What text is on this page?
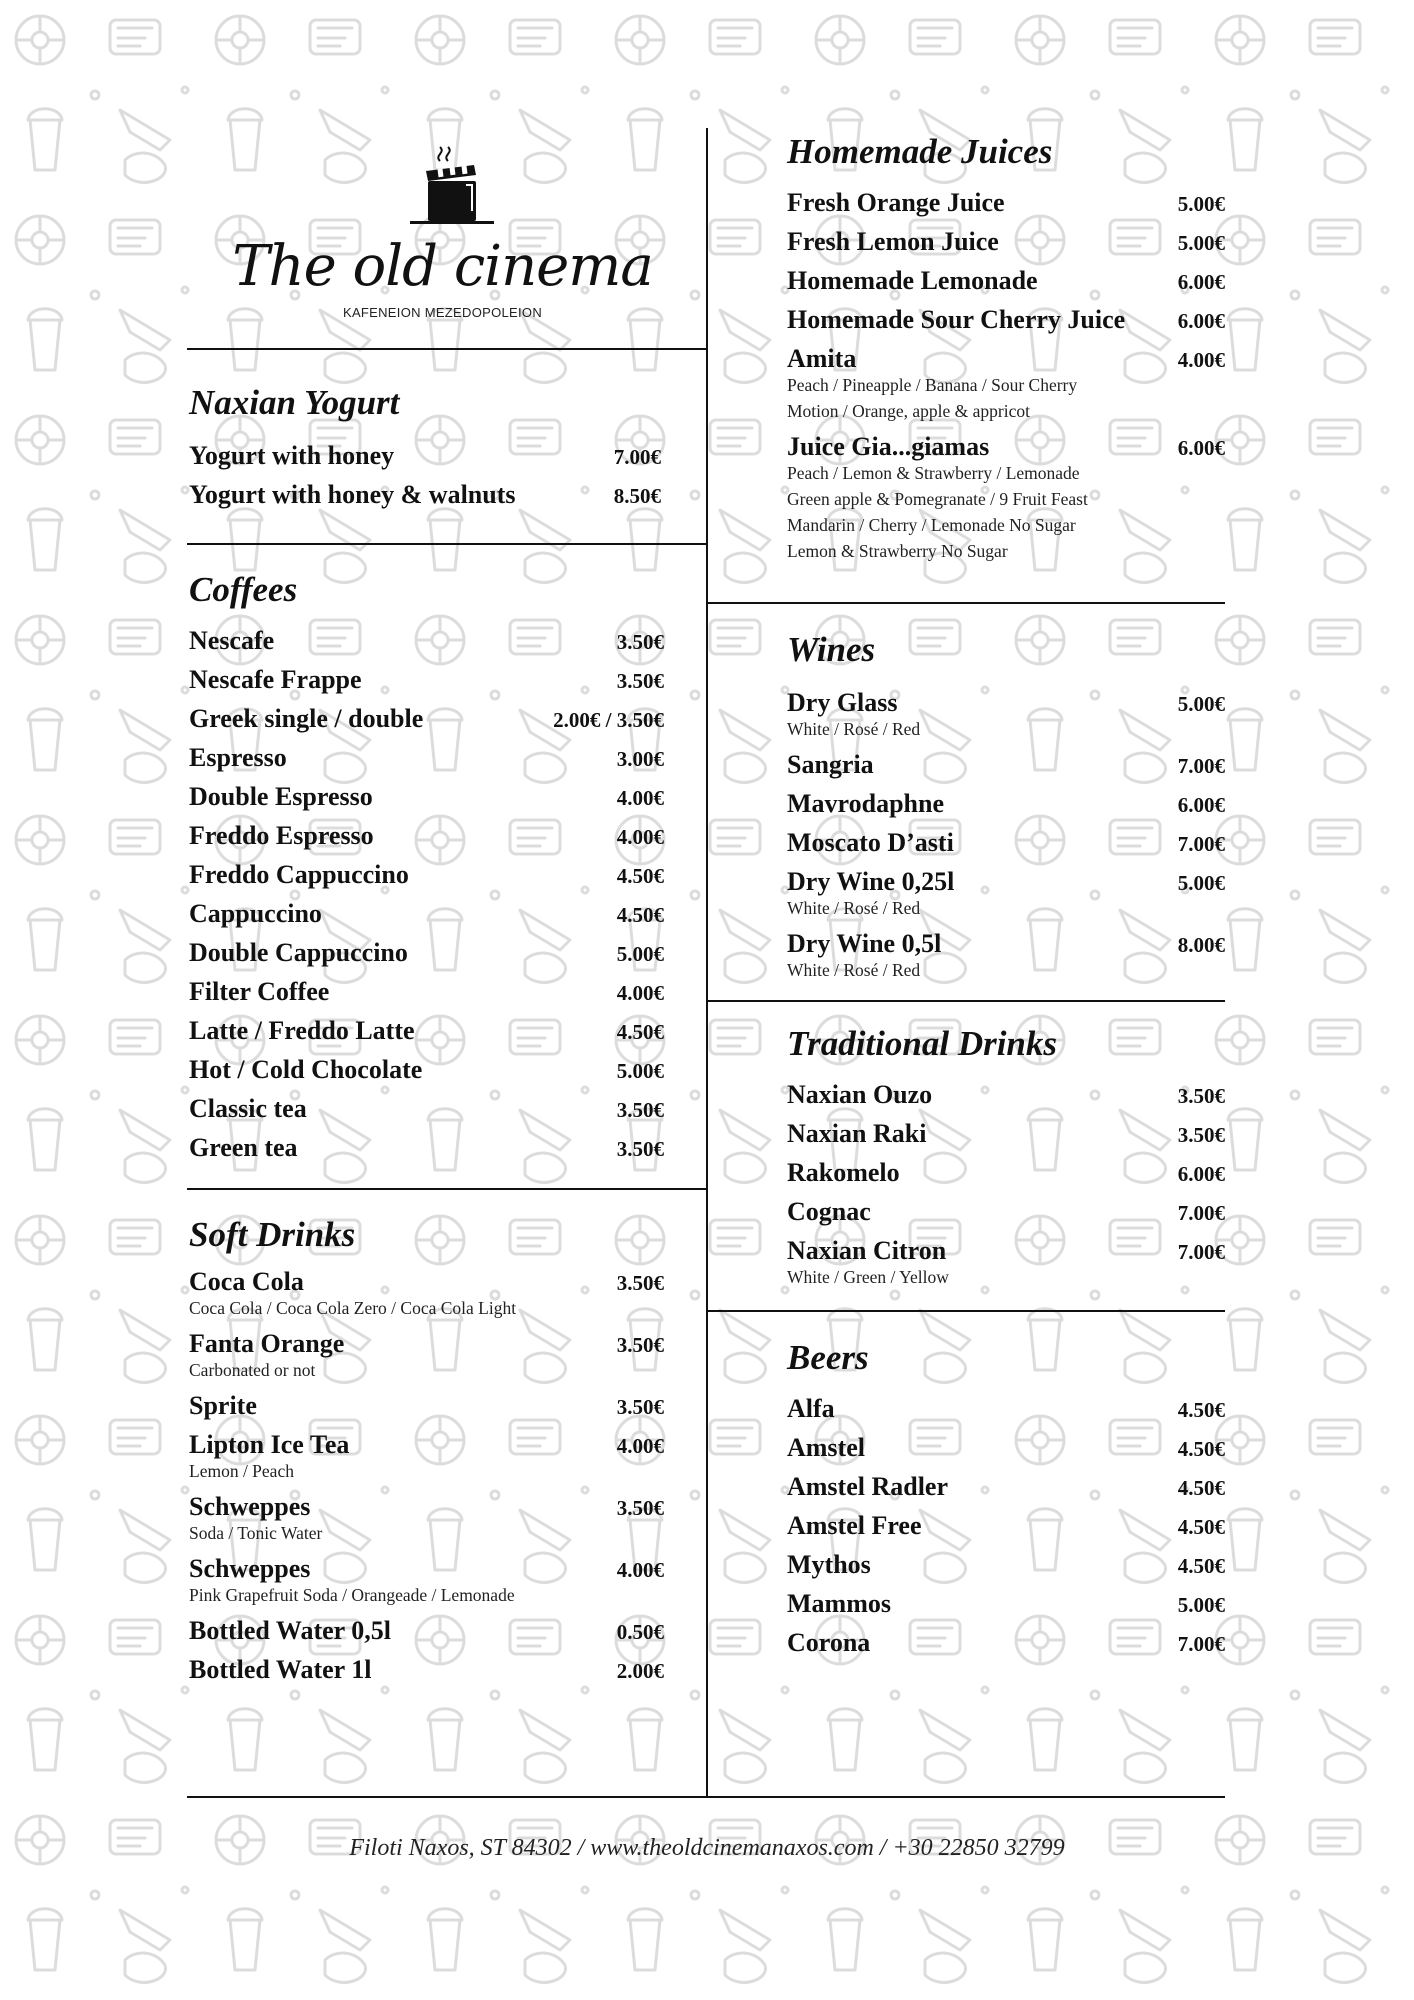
The old cinema
KAFENEION MEZEDOPOLEION
Naxian Yogurt
Yogurt with honey	7.00€
Yogurt with honey & walnuts	8.50€
Coffees
Nescafe	3.50€
Nescafe Frappe	3.50€
Greek single / double	2.00€ / 3.50€
Espresso	3.00€
Double Espresso	4.00€
Freddo Espresso	4.00€
Freddo Cappuccino	4.50€
Cappuccino	4.50€
Double Cappuccino	5.00€
Filter Coffee	4.00€
Latte / Freddo Latte	4.50€
Hot / Cold Chocolate	5.00€
Classic tea	3.50€
Green tea	3.50€
Soft Drinks
Coca Cola	3.50€
Coca Cola / Coca Cola Zero / Coca Cola Light
Fanta Orange	3.50€
Carbonated or not
Sprite	3.50€
Lipton Ice Tea	4.00€
Lemon / Peach
Schweppes	3.50€
Soda / Tonic Water
Schweppes	4.00€
Pink Grapefruit Soda / Orangeade / Lemonade
Bottled Water 0,5l	0.50€
Bottled Water 1l	2.00€
Homemade Juices
Fresh Orange Juice	5.00€
Fresh Lemon Juice	5.00€
Homemade Lemonade	6.00€
Homemade Sour Cherry Juice	6.00€
Amita	4.00€
Peach / Pineapple / Banana / Sour Cherry
Motion / Orange, apple & appricot
Juice Gia...giamas	6.00€
Peach / Lemon & Strawberry / Lemonade
Green apple & Pomegranate / 9 Fruit Feast
Mandarin / Cherry / Lemonade No Sugar
Lemon & Strawberry No Sugar
Wines
Dry Glass	5.00€
White / Rosé / Red
Sangria	7.00€
Mavrodaphne	6.00€
Moscato D’asti	7.00€
Dry Wine 0,25l	5.00€
White / Rosé / Red
Dry Wine 0,5l	8.00€
White / Rosé / Red
Traditional Drinks
Naxian Ouzo	3.50€
Naxian Raki	3.50€
Rakomelo	6.00€
Cognac	7.00€
Naxian Citron	7.00€
White / Green / Yellow
Beers
Alfa	4.50€
Amstel	4.50€
Amstel Radler	4.50€
Amstel Free	4.50€
Mythos	4.50€
Mammos	5.00€
Corona	7.00€
Filoti Naxos, ST 84302 / www.theoldcinemanaxos.com / +30 22850 32799
